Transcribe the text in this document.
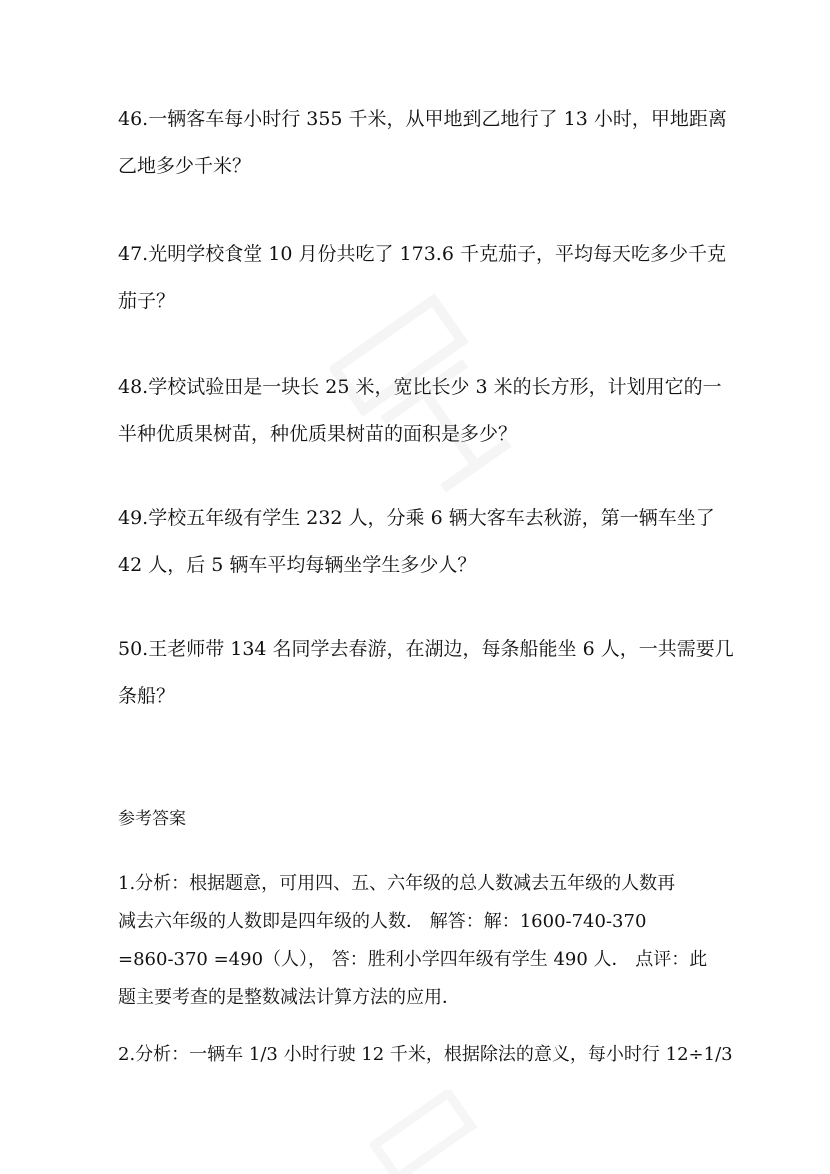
46.一辆客车每小时行 355 千米，从甲地到乙地行了 13 小时，甲地距离

乙地多少千米？

47.光明学校食堂 10 月份共吃了 173.6 千克茄子，平均每天吃多少千克

茄子？

48.学校试验田是一块长 25 米，宽比长少 3 米的长方形，计划用它的一

半种优质果树苗，种优质果树苗的面积是多少？

49.学校五年级有学生 232 人，分乘 6 辆大客车去秋游，第一辆车坐了

42 人，后 5 辆车平均每辆坐学生多少人？

50.王老师带 134 名同学去春游，在湖边，每条船能坐 6 人，一共需要几

条船？

参考答案

1.分析：根据题意，可用四、五、六年级的总人数减去五年级的人数再

减去六年级的人数即是四年级的人数． 解答：解：1600-740-370

=860-370 =490（人）， 答：胜利小学四年级有学生 490 人． 点评：此

题主要考查的是整数减法计算方法的应用．

2.分析：一辆车 1/3 小时行驶 12 千米，根据除法的意义，每小时行 12÷1/3
